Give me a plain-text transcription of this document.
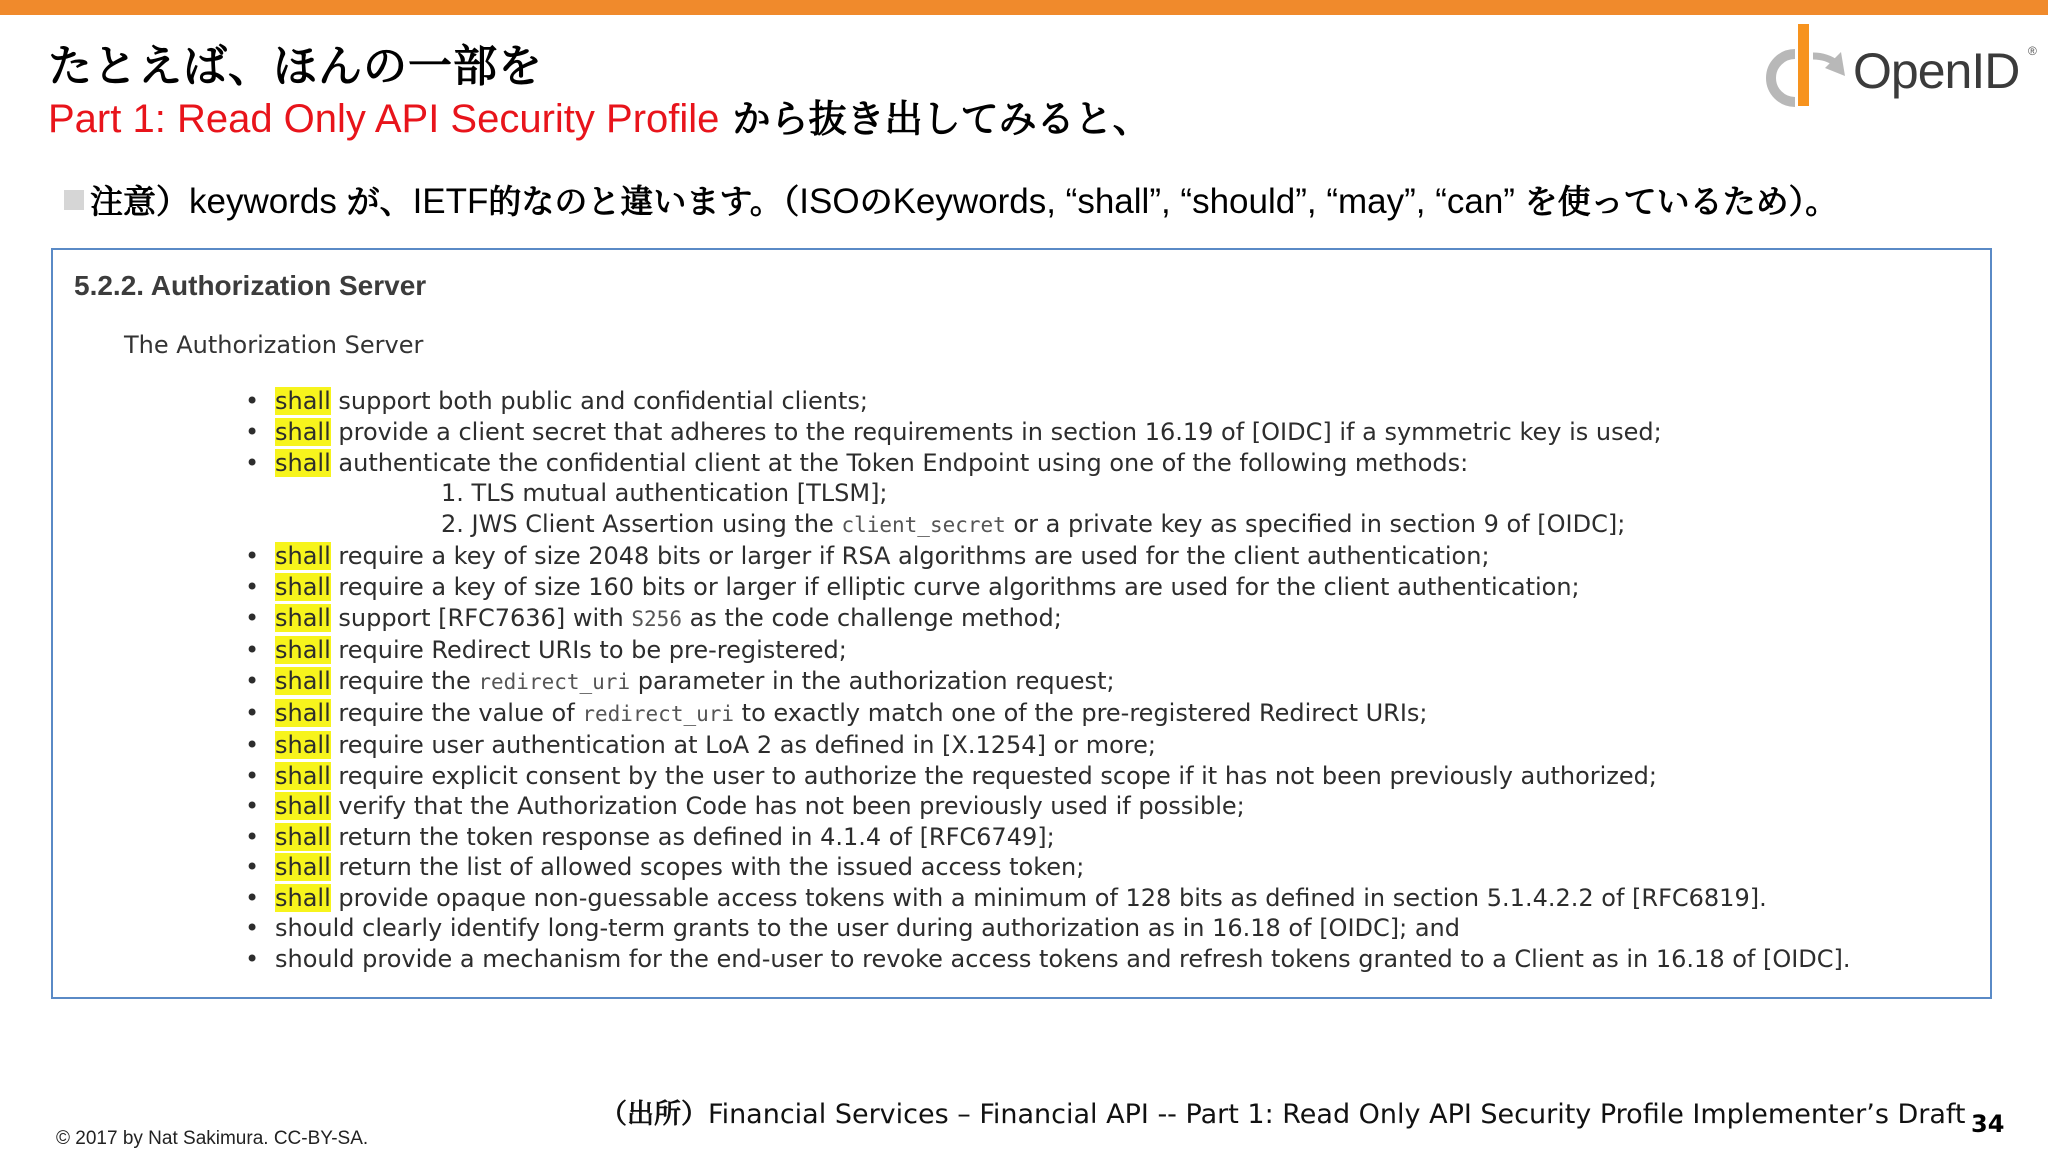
たとえば、ほんの一部を
Part 1: Read Only API Security Profile から抜き出してみると、
OpenID ®
注意）keywords が、IETF的なのと違います。（ISOのKeywords, “shall”, “should”, “may”, “can” を使っているため）。
5.2.2. Authorization Server
The Authorization Server
• shall support both public and confidential clients;
• shall provide a client secret that adheres to the requirements in section 16.19 of [OIDC] if a symmetric key is used;
• shall authenticate the confidential client at the Token Endpoint using one of the following methods:
1. TLS mutual authentication [TLSM];
2. JWS Client Assertion using the client_secret or a private key as specified in section 9 of [OIDC];
• shall require a key of size 2048 bits or larger if RSA algorithms are used for the client authentication;
• shall require a key of size 160 bits or larger if elliptic curve algorithms are used for the client authentication;
• shall support [RFC7636] with S256 as the code challenge method;
• shall require Redirect URIs to be pre-registered;
• shall require the redirect_uri parameter in the authorization request;
• shall require the value of redirect_uri to exactly match one of the pre-registered Redirect URIs;
• shall require user authentication at LoA 2 as defined in [X.1254] or more;
• shall require explicit consent by the user to authorize the requested scope if it has not been previously authorized;
• shall verify that the Authorization Code has not been previously used if possible;
• shall return the token response as defined in 4.1.4 of [RFC6749];
• shall return the list of allowed scopes with the issued access token;
• shall provide opaque non-guessable access tokens with a minimum of 128 bits as defined in section 5.1.4.2.2 of [RFC6819].
• should clearly identify long-term grants to the user during authorization as in 16.18 of [OIDC]; and
• should provide a mechanism for the end-user to revoke access tokens and refresh tokens granted to a Client as in 16.18 of [OIDC].
（出所）Financial Services – Financial API -- Part 1: Read Only API Security Profile Implementer’s Draft 34
© 2017 by Nat Sakimura. CC-BY-SA.
